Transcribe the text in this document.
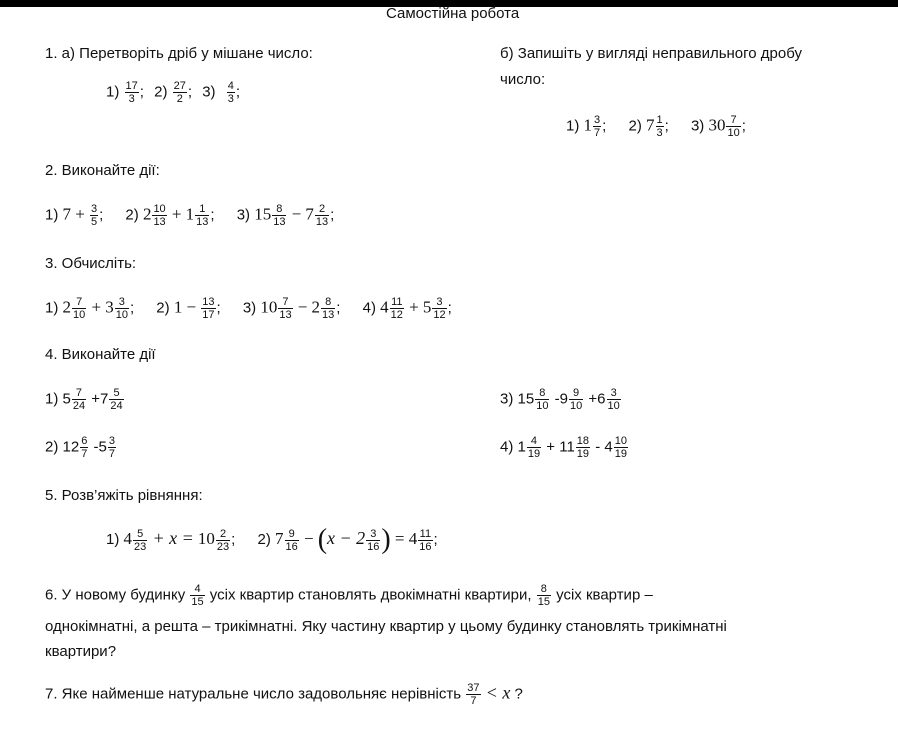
Самостійна робота
1. а) Перетворіть дріб у мішане число:
$1) \frac{17}{3}$ ; $2) \frac{27}{2}$ ; $3) \frac{4}{3}$ ;
б) Запишіть у вигляді неправильного дробу
число:
1) $1 \frac{3}{7}$ ; 2) $7 \frac{1}{3}$ ; 3) $30 \frac{7}{10}$ ;
2. Виконайте дії:
1) $7 + \frac{3}{5}$ ; 2) $2 \frac{10}{13} + 1 \frac{1}{13}$ ; 3) $15 \frac{8}{13} - 7 \frac{2}{13}$ ;
3. Обчисліть:
1) $2 \frac{7}{10} + 3 \frac{3}{10}$ ; 2) $1 - \frac{13}{17}$ ; 3) $10 \frac{7}{13} - 2 \frac{8}{13}$ ; 4) $4 \frac{11}{12} + 5 \frac{3}{12}$ ;
4. Виконайте дії
1) $5 \frac{7}{24} +7 \frac{5}{24}$
2) $12 \frac{6}{7} -5 \frac{3}{7}$
3) $15 \frac{8}{10} -9 \frac{9}{10} +6 \frac{3}{10}$
4) $1 \frac{4}{19} + 11 \frac{18}{19} - 4 \frac{10}{19}$
5. Розв’яжіть рівняння:
1) $4 \frac{5}{23} + x = 10 \frac{2}{23}$ ; 2) $7 \frac{9}{16} - (x - 2 \frac{3}{16}$ ) = $4 \frac{11}{16}$ ;
6. У новому будинку $\frac{4}{15}$ усіх квартир становлять двокімнатні квартири, $\frac{8}{15}$ усіх квартир –
однокімнатні, а решта – трикімнатні. Яку частину квартир у цьому будинку становлять трикімнатні
квартири?
7. Яке найменше натуральне число задовольняє нерівність $\frac{37}{7} < x$ ?
